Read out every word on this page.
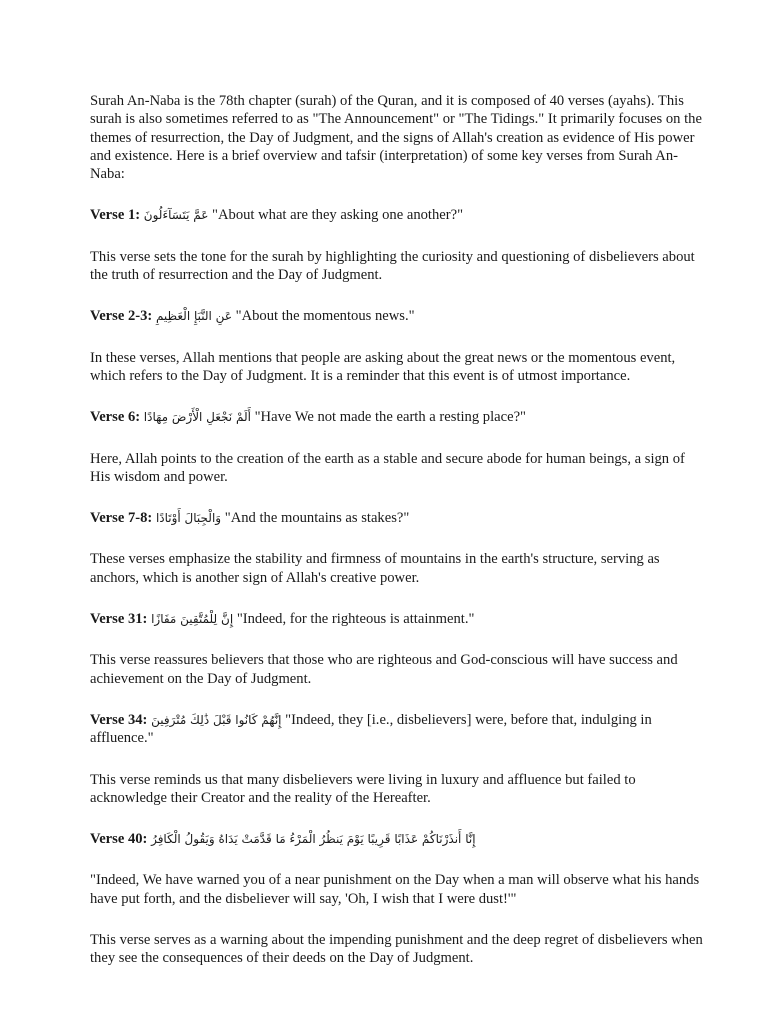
Surah An-Naba is the 78th chapter (surah) of the Quran, and it is composed of 40 verses (ayahs). This surah is also sometimes referred to as "The Announcement" or "The Tidings." It primarily focuses on the themes of resurrection, the Day of Judgment, and the signs of Allah's creation as evidence of His power and existence. Here is a brief overview and tafsir (interpretation) of some key verses from Surah An-Naba:

Verse 1: عَمَّ يَتَسَآءَلُونَ "About what are they asking one another?"

This verse sets the tone for the surah by highlighting the curiosity and questioning of disbelievers about the truth of resurrection and the Day of Judgment.

Verse 2-3: عَنِ النَّبَإِ الْعَظِيمِ "About the momentous news."

In these verses, Allah mentions that people are asking about the great news or the momentous event, which refers to the Day of Judgment. It is a reminder that this event is of utmost importance.

Verse 6: أَلَمْ نَجْعَلِ الْأَرْضَ مِهَادًا "Have We not made the earth a resting place?"

Here, Allah points to the creation of the earth as a stable and secure abode for human beings, a sign of His wisdom and power.

Verse 7-8: وَالْجِبَالَ أَوْتَادًا "And the mountains as stakes?"

These verses emphasize the stability and firmness of mountains in the earth's structure, serving as anchors, which is another sign of Allah's creative power.

Verse 31: إِنَّ لِلْمُتَّقِينَ مَفَازًا "Indeed, for the righteous is attainment."

This verse reassures believers that those who are righteous and God-conscious will have success and achievement on the Day of Judgment.

Verse 34: إِنَّهُمْ كَانُوا قَبْلَ ذَٰلِكَ مُتْرَفِينَ "Indeed, they [i.e., disbelievers] were, before that, indulging in affluence."

This verse reminds us that many disbelievers were living in luxury and affluence but failed to acknowledge their Creator and the reality of the Hereafter.

Verse 40: إِنَّا أَنذَرْنَاكُمْ عَذَابًا قَرِيبًا يَوْمَ يَنظُرُ الْمَرْءُ مَا قَدَّمَتْ يَدَاهُ وَيَقُولُ الْكَافِرُ

"Indeed, We have warned you of a near punishment on the Day when a man will observe what his hands have put forth, and the disbeliever will say, 'Oh, I wish that I were dust!'"

This verse serves as a warning about the impending punishment and the deep regret of disbelievers when they see the consequences of their deeds on the Day of Judgment.
